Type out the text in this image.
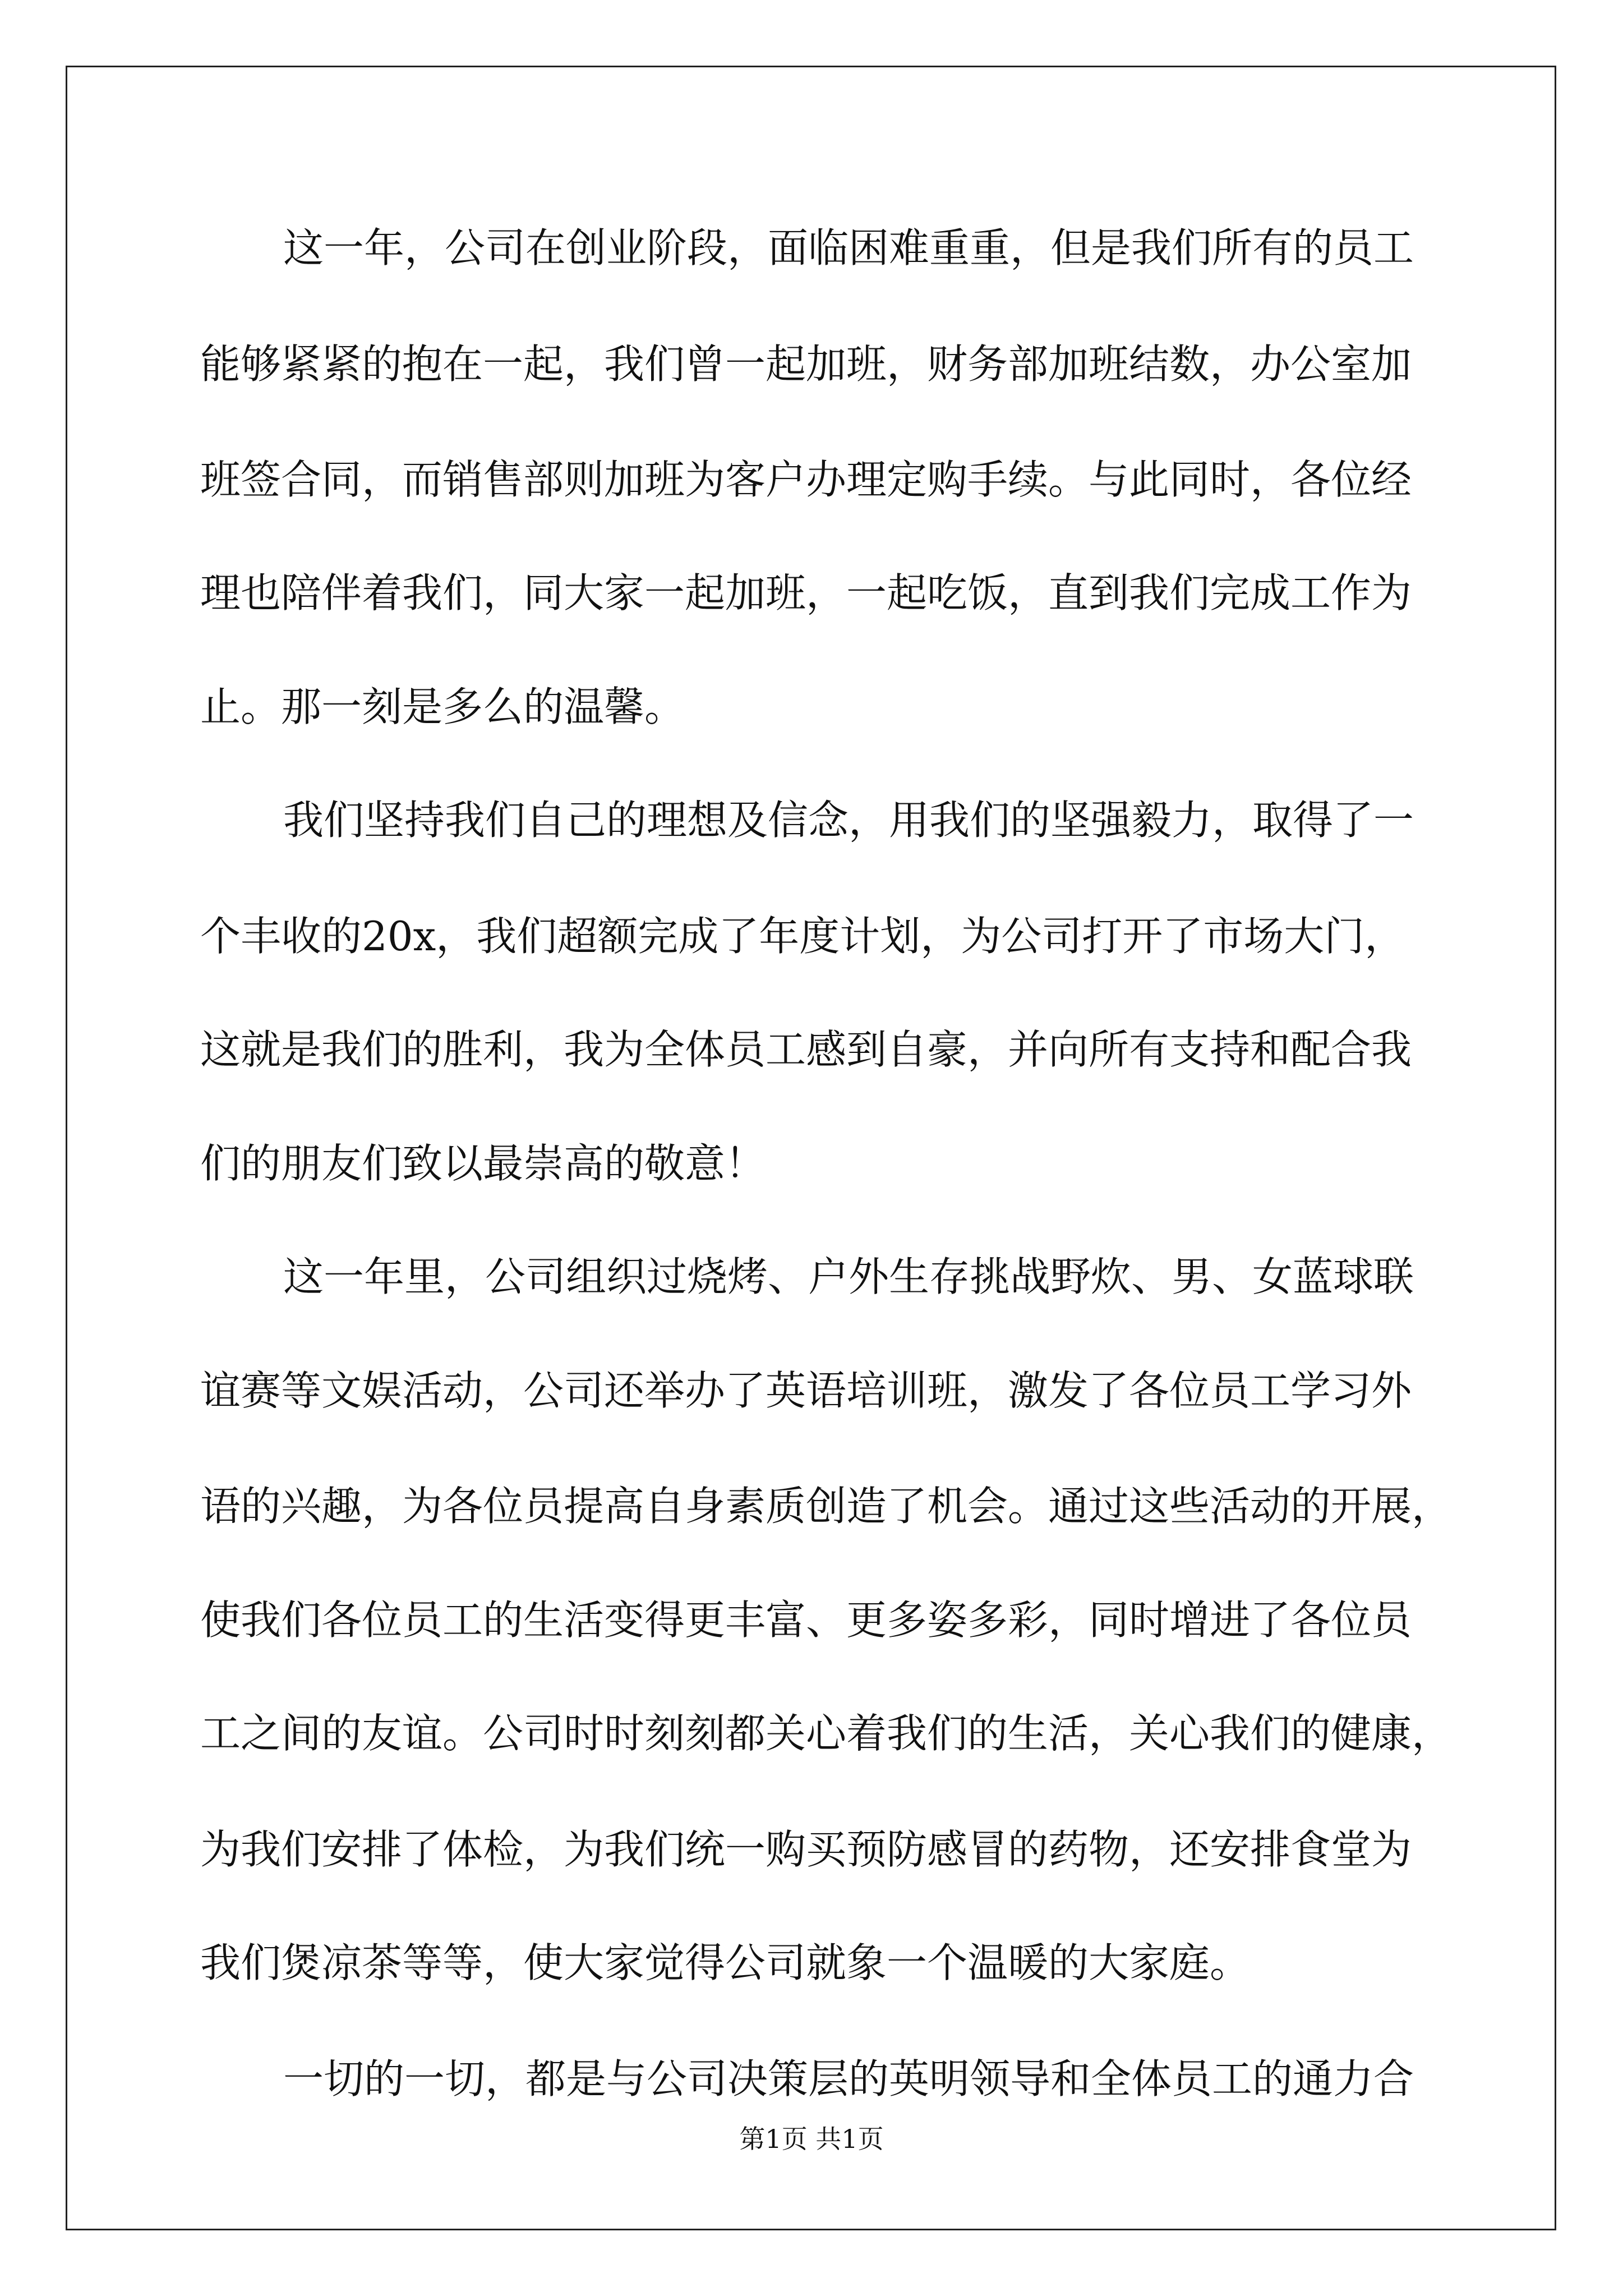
这一年，公司在创业阶段，面临困难重重，但是我们所有的员工
能够紧紧的抱在一起，我们曾一起加班，财务部加班结数，办公室加
班签合同，而销售部则加班为客户办理定购手续。与此同时，各位经
理也陪伴着我们，同大家一起加班，一起吃饭，直到我们完成工作为
止。那一刻是多么的温馨。
我们坚持我们自己的理想及信念，用我们的坚强毅力，取得了一
个丰收的20x，我们超额完成了年度计划，为公司打开了市场大门，
这就是我们的胜利，我为全体员工感到自豪，并向所有支持和配合我
们的朋友们致以最崇高的敬意！
这一年里，公司组织过烧烤、户外生存挑战野炊、男、女蓝球联
谊赛等文娱活动，公司还举办了英语培训班，激发了各位员工学习外
语的兴趣，为各位员提高自身素质创造了机会。通过这些活动的开展，
使我们各位员工的生活变得更丰富、更多姿多彩，同时增进了各位员
工之间的友谊。公司时时刻刻都关心着我们的生活，关心我们的健康，
为我们安排了体检，为我们统一购买预防感冒的药物，还安排食堂为
我们煲凉茶等等，使大家觉得公司就象一个温暖的大家庭。
一切的一切，都是与公司决策层的英明领导和全体员工的通力合
第1页 共1页
